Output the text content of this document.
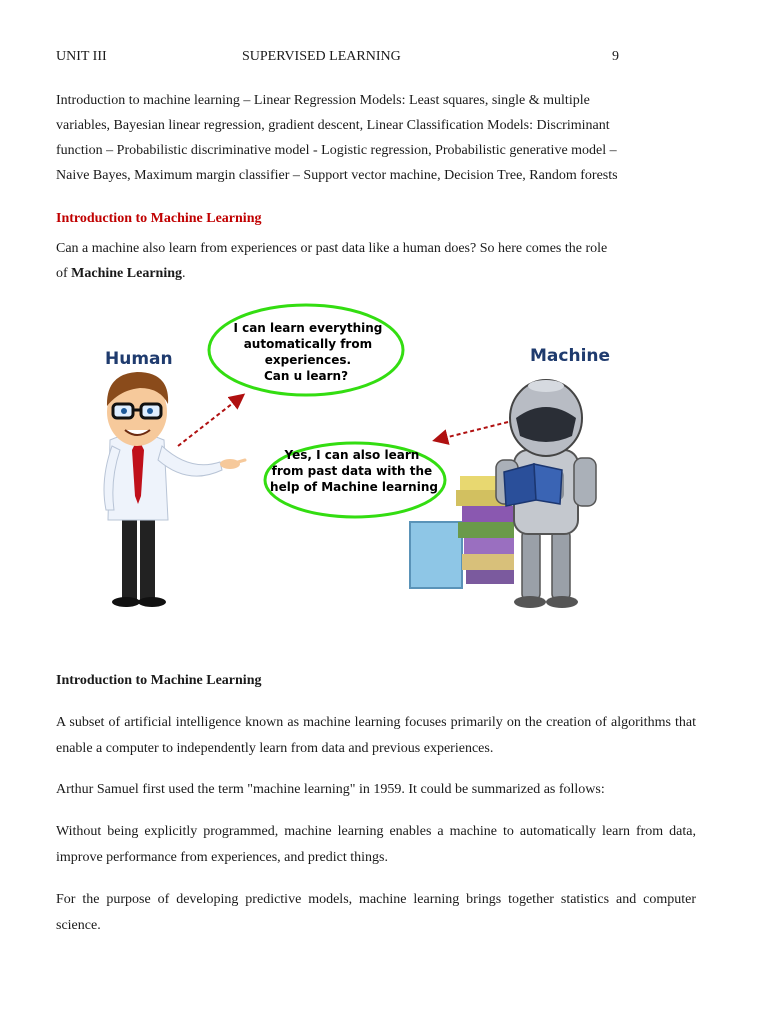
UNIT III	SUPERVISED LEARNING	9
Introduction to machine learning – Linear Regression Models: Least squares, single & multiple
variables, Bayesian linear regression, gradient descent, Linear Classification Models: Discriminant
function – Probabilistic discriminative model - Logistic regression, Probabilistic generative model –
Naive Bayes, Maximum margin classifier – Support vector machine, Decision Tree, Random forests
Introduction to Machine Learning
Can a machine also learn from experiences or past data like a human does? So here comes the role
of Machine Learning.
Human	Machine
I can learn everything automatically from experiences. Can u learn?
Yes, I can also learn from past data with the help of Machine learning
Introduction to Machine Learning
A subset of artificial intelligence known as machine learning focuses primarily on the creation of algorithms that enable a computer to independently learn from data and previous experiences.
Arthur Samuel first used the term "machine learning" in 1959. It could be summarized as follows:
Without being explicitly programmed, machine learning enables a machine to automatically learn from data, improve performance from experiences, and predict things.
For the purpose of developing predictive models, machine learning brings together statistics and computer science.
